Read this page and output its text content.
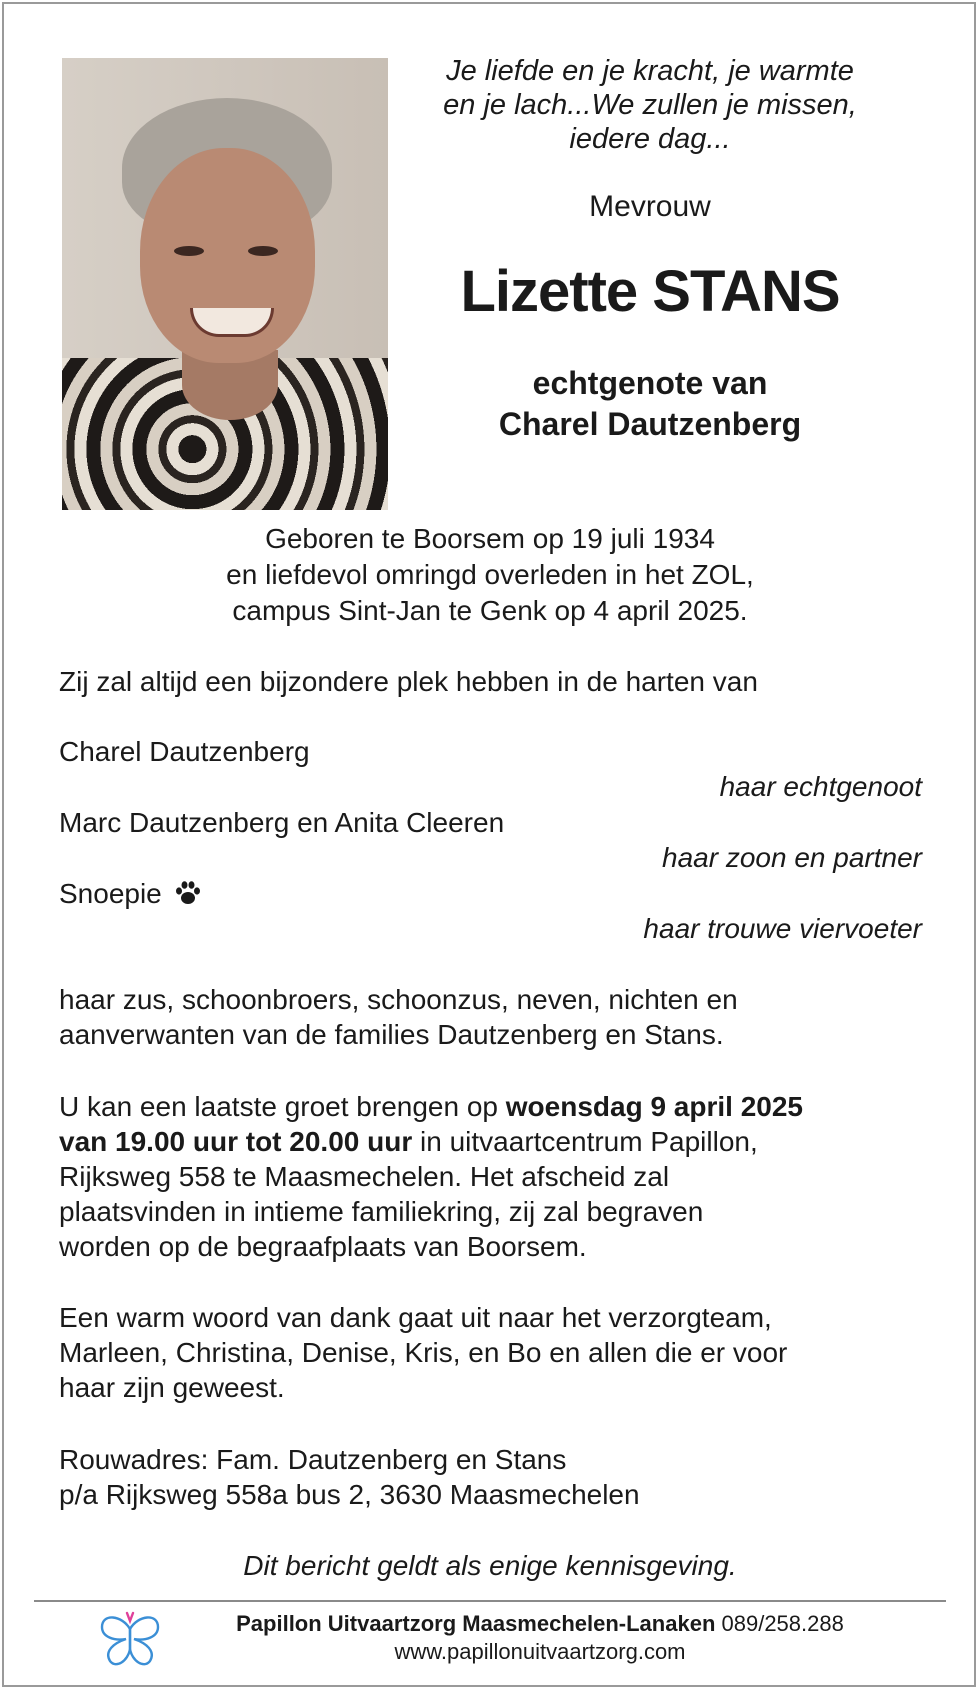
Je liefde en je kracht, je warmte
en je lach...We zullen je missen,
iedere dag...
Mevrouw
Lizette STANS
echtgenote van
Charel Dautzenberg
Geboren te Boorsem op 19 juli 1934
en liefdevol omringd overleden in het ZOL,
campus Sint-Jan te Genk op 4 april 2025.
Zij zal altijd een bijzondere plek hebben in de harten van
Charel Dautzenberg
haar echtgenoot
Marc Dautzenberg en Anita Cleeren
haar zoon en partner
Snoepie
haar trouwe viervoeter
haar zus, schoonbroers, schoonzus, neven, nichten en
aanverwanten van de families Dautzenberg en Stans.
U kan een laatste groet brengen op woensdag 9 april 2025
van 19.00 uur tot 20.00 uur in uitvaartcentrum Papillon,
Rijksweg 558 te Maasmechelen. Het afscheid zal
plaatsvinden in intieme familiekring, zij zal begraven
worden op de begraafplaats van Boorsem.
Een warm woord van dank gaat uit naar het verzorgteam,
Marleen, Christina, Denise, Kris, en Bo en allen die er voor
haar zijn geweest.
Rouwadres: Fam. Dautzenberg en Stans
p/a Rijksweg 558a bus 2, 3630 Maasmechelen
Dit bericht geldt als enige kennisgeving.
Papillon Uitvaartzorg Maasmechelen-Lanaken 089/258.288
www.papillonuitvaartzorg.com
